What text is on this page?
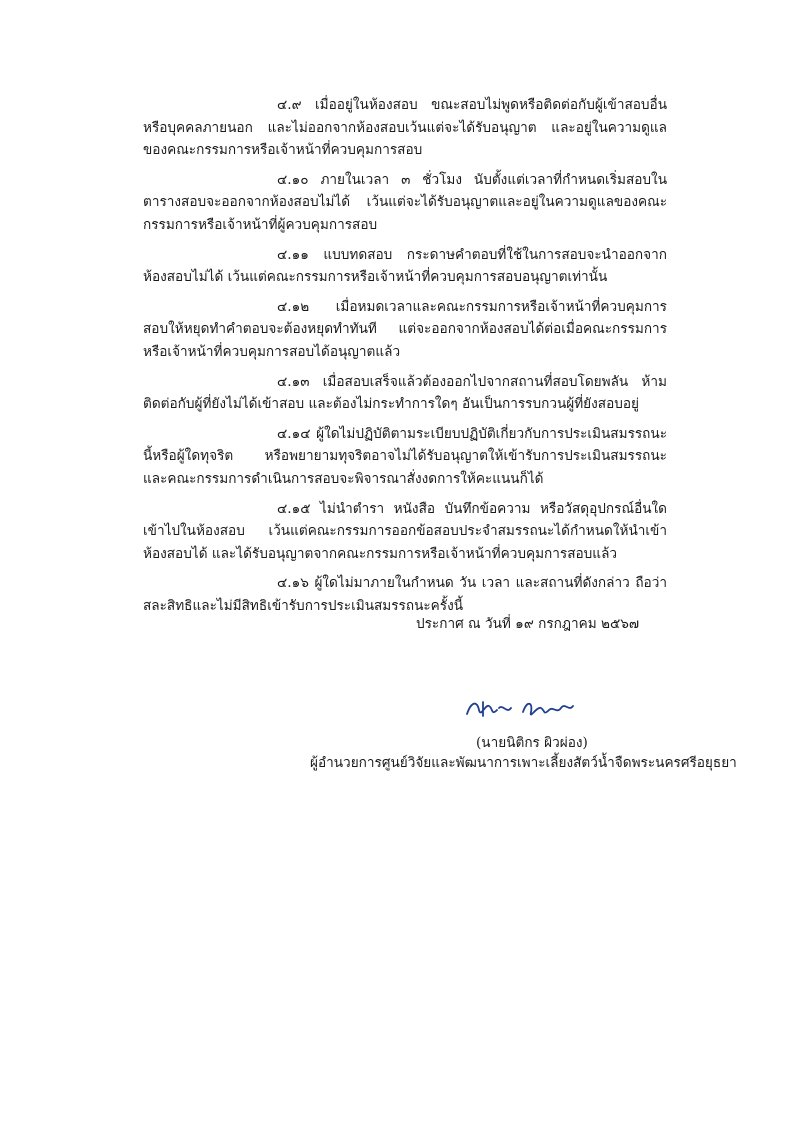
๔.๙ เมื่ออยู่ในห้องสอบ ขณะสอบไม่พูดหรือติดต่อกับผู้เข้าสอบอื่น หรือบุคคลภายนอก และไม่ออกจากห้องสอบเว้นแต่จะได้รับอนุญาต และอยู่ในความดูแลของคณะกรรมการหรือเจ้าหน้าที่ควบคุมการสอบ

๔.๑๐ ภายในเวลา ๓ ชั่วโมง นับตั้งแต่เวลาที่กำหนดเริ่มสอบในตารางสอบจะออกจากห้องสอบไม่ได้ เว้นแต่จะได้รับอนุญาตและอยู่ในความดูแลของคณะกรรมการหรือเจ้าหน้าที่ผู้ควบคุมการสอบ

๔.๑๑ แบบทดสอบ กระดาษคำตอบที่ใช้ในการสอบจะนำออกจากห้องสอบไม่ได้ เว้นแต่คณะกรรมการหรือเจ้าหน้าที่ควบคุมการสอบอนุญาตเท่านั้น

๔.๑๒ เมื่อหมดเวลาและคณะกรรมการหรือเจ้าหน้าที่ควบคุมการสอบให้หยุดทำคำตอบจะต้องหยุดทำทันที แต่จะออกจากห้องสอบได้ต่อเมื่อคณะกรรมการหรือเจ้าหน้าที่ควบคุมการสอบได้อนุญาตแล้ว

๔.๑๓ เมื่อสอบเสร็จแล้วต้องออกไปจากสถานที่สอบโดยพลัน ห้ามติดต่อกับผู้ที่ยังไม่ได้เข้าสอบ และต้องไม่กระทำการใดๆ อันเป็นการรบกวนผู้ที่ยังสอบอยู่

๔.๑๔ ผู้ใดไม่ปฏิบัติตามระเบียบปฏิบัติเกี่ยวกับการประเมินสมรรถนะนี้หรือผู้ใดทุจริต หรือพยายามทุจริตอาจไม่ได้รับอนุญาตให้เข้ารับการประเมินสมรรถนะ และคณะกรรมการดำเนินการสอบจะพิจารณาสั่งงดการให้คะแนนก็ได้

๔.๑๕ ไม่นำตำรา หนังสือ บันทึกข้อความ หรือวัสดุอุปกรณ์อื่นใดเข้าไปในห้องสอบ เว้นแต่คณะกรรมการออกข้อสอบประจำสมรรถนะได้กำหนดให้นำเข้าห้องสอบได้ และได้รับอนุญาตจากคณะกรรมการหรือเจ้าหน้าที่ควบคุมการสอบแล้ว

๔.๑๖ ผู้ใดไม่มาภายในกำหนด วัน เวลา และสถานที่ดังกล่าว ถือว่าสละสิทธิและไม่มีสิทธิเข้ารับการประเมินสมรรถนะครั้งนี้

ประกาศ ณ วันที่ ๑๙ กรกฎาคม ๒๕๖๗
(นายนิติกร ผิวผ่อง)
ผู้อำนวยการศูนย์วิจัยและพัฒนาการเพาะเลี้ยงสัตว์น้ำจืดพระนครศรีอยุธยา
